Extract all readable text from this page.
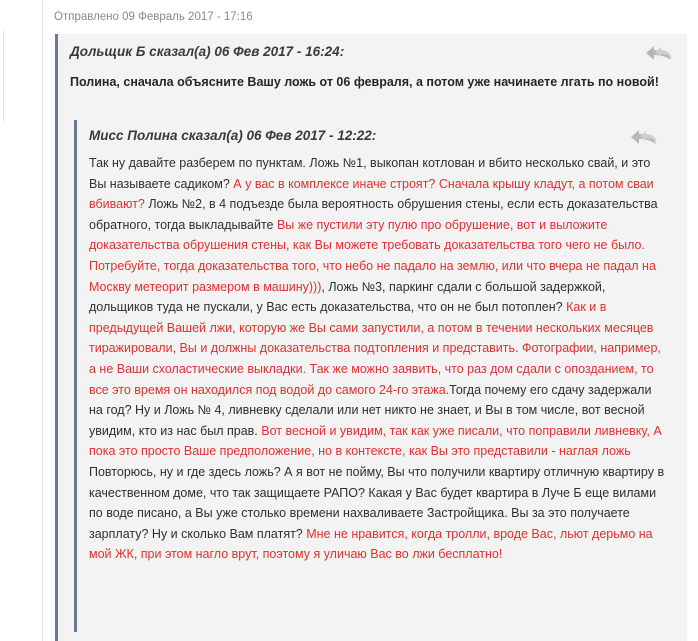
Отправлено 09 Февраль 2017 - 17:16
Дольщик Б сказал(а) 06 Фев 2017 - 16:24:

Полина, сначала объясните Вашу ложь от 06 февраля, а потом уже начинаете лгать по новой!

Мисс Полина сказал(а) 06 Фев 2017 - 12:22:

Так ну давайте разберем по пунктам. Ложь №1, выкопан котлован и вбито несколько свай, и это Вы называете садиком? А у вас в комплексе иначе строят? Сначала крышу кладут, а потом сваи вбивают? Ложь №2, в 4 подъезде была вероятность обрушения стены, если есть доказательства обратного, тогда выкладывайте Вы же пустили эту пулю про обрушение, вот и выложите доказательства обрушения стены, как Вы можете требовать доказательства того чего не было. Потребуйте, тогда доказательства того, что небо не падало на землю, или что вчера не падал на Москву метеорит размером в машину))), Ложь №3, паркинг сдали с большой задержкой, дольщиков туда не пускали, у Вас есть доказательства, что он не был потоплен? Как и в предыдущей Вашей лжи, которую же Вы сами запустили, а потом в течении нескольких месяцев тиражировали, Вы и должны доказательства подтопления и представить. Фотографии, например, а не Ваши схоластические выкладки. Так же можно заявить, что раз дом сдали с опозданием, то все это время он находился под водой до самого 24-го этажа.Тогда почему его сдачу задержали на год? Ну и Ложь № 4, ливневку сделали или нет никто не знает, и Вы в том числе, вот весной увидим, кто из нас был прав. Вот весной и увидим, так как уже писали, что поправили ливневку, А пока это просто Ваше предположение, но в контексте, как Вы это представили - наглая ложь Повторюсь, ну и где здесь ложь? А я вот не пойму, Вы что получили квартиру отличную квартиру в качественном доме, что так защищаете РАПО? Какая у Вас будет квартира в Луче Б еще вилами по воде писано, а Вы уже столько времени нахваливаете Застройщика. Вы за это получаете зарплату? Ну и сколько Вам платят? Мне не нравится, когда тролли, вроде Вас, льют дерьмо на мой ЖК, при этом нагло врут, поэтому я уличаю Вас во лжи бесплатно!
